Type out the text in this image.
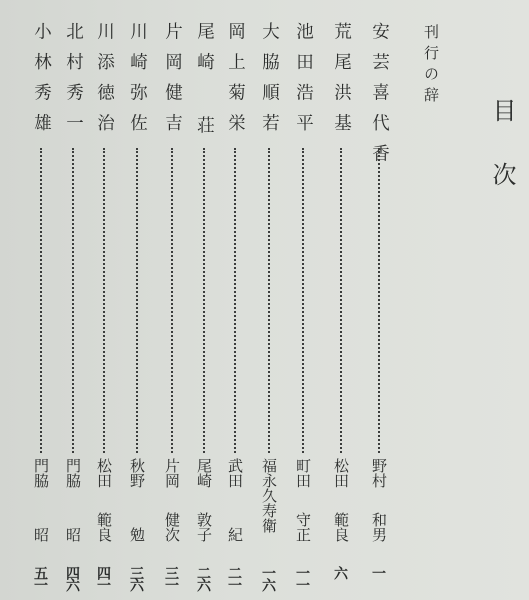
目次
刊行の辞
安芸喜代香
野村
和男
一
荒尾洪基
松田
範良
六
池田浩平
町田
守正
一一
大脇順若
福永久寿衛
一六
岡上菊栄
武田
紀
二一
尾崎 荘
尾崎
敦子
二六
片岡健吉
片岡
健次
三一
川崎弥佐
秋野
勉
三六
川添徳治
松田
範良
四一
北村秀一
門脇
昭
四六
小林秀雄
門脇
昭
五一
